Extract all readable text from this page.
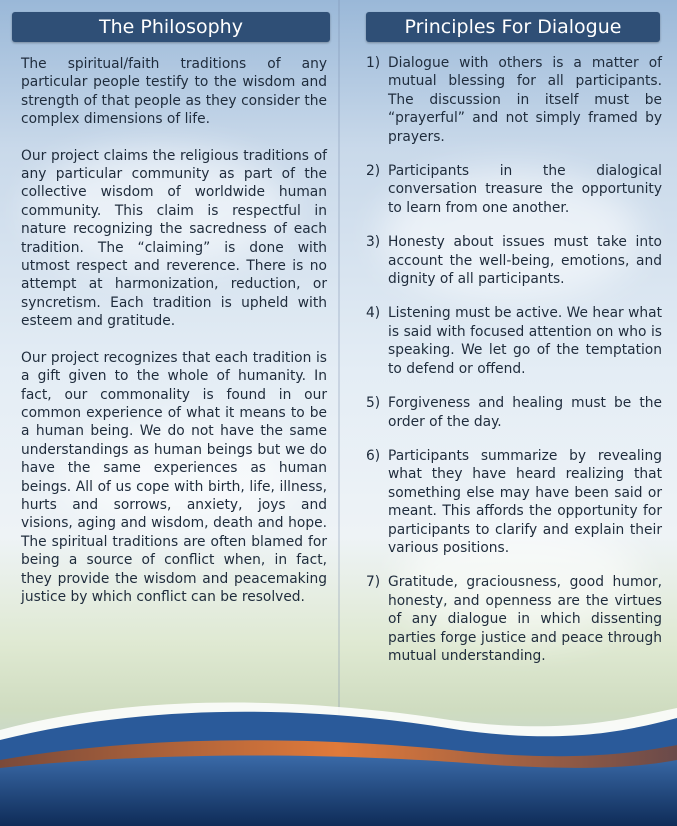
The Philosophy

The spiritual/faith traditions of any particular people testify to the wisdom and strength of that people as they consider the complex dimensions of life.

Our project claims the religious traditions of any particular community as part of the collective wisdom of worldwide human community. This claim is respectful in nature recognizing the sacredness of each tradition. The “claiming” is done with utmost respect and reverence. There is no attempt at harmonization, reduction, or syncretism. Each tradition is upheld with esteem and gratitude.

Our project recognizes that each tradition is a gift given to the whole of humanity. In fact, our commonality is found in our common experience of what it means to be a human being. We do not have the same understandings as human beings but we do have the same experiences as human beings. All of us cope with birth, life, illness, hurts and sorrows, anxiety, joys and visions, aging and wisdom, death and hope. The spiritual traditions are often blamed for being a source of conflict when, in fact, they provide the wisdom and peacemaking justice by which conflict can be resolved.

Principles For Dialogue
1) Dialogue with others is a matter of mutual blessing for all participants. The discussion in itself must be “prayerful” and not simply framed by prayers.

2) Participants in the dialogical conversation treasure the opportunity to learn from one another.

3) Honesty about issues must take into account the well-being, emotions, and dignity of all participants.

4) Listening must be active. We hear what is said with focused attention on who is speaking. We let go of the temptation to defend or offend.

5) Forgiveness and healing must be the order of the day.

6) Participants summarize by revealing what they have heard realizing that something else may have been said or meant. This affords the opportunity for participants to clarify and explain their various positions.

7) Gratitude, graciousness, good humor, honesty, and openness are the virtues of any dialogue in which dissenting parties forge justice and peace through mutual understanding.
